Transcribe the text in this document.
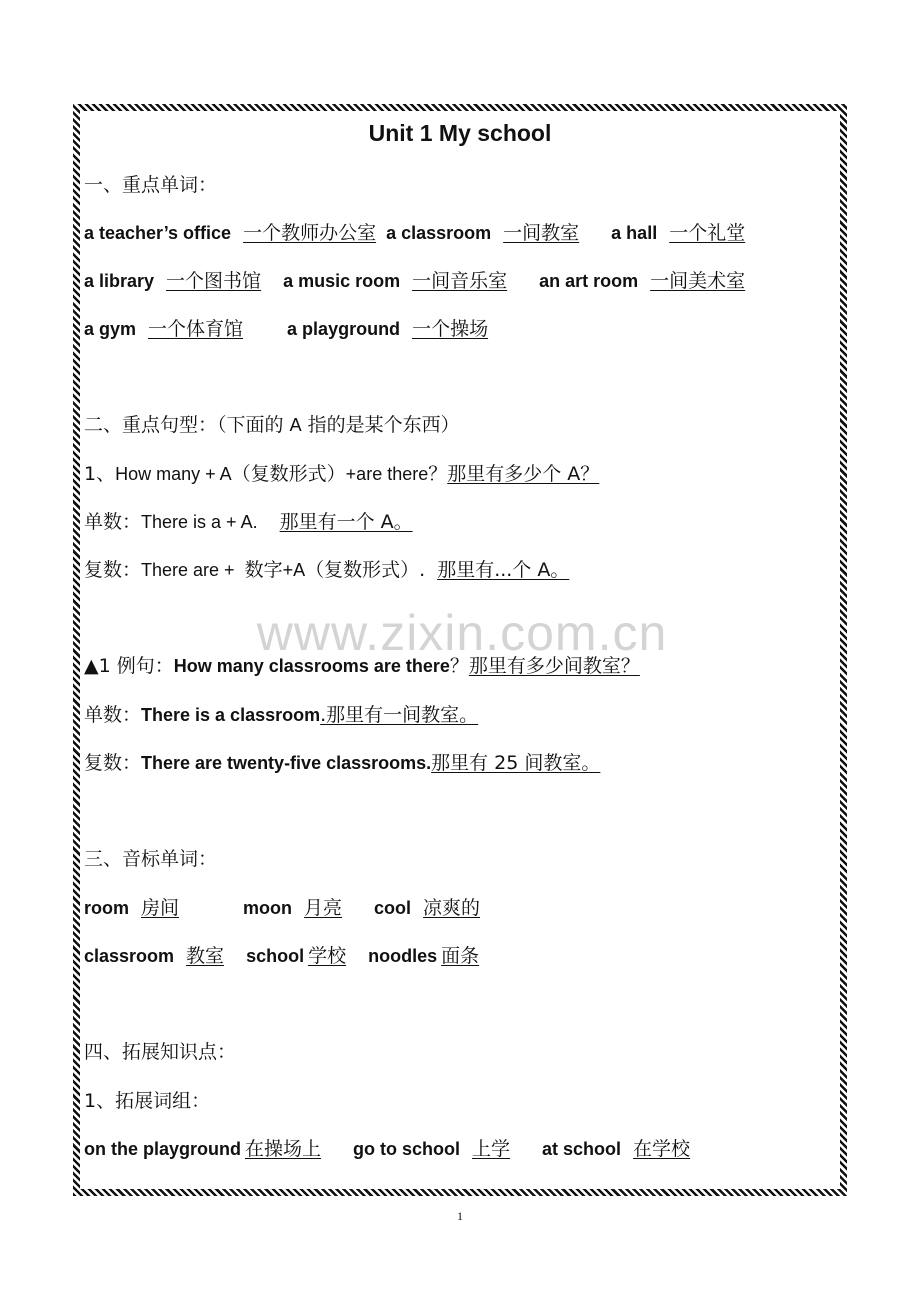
www.zixin.com.cn
Unit 1 My school
一、重点单词：
a teacher’s office 一个教师办公室 a classroom 一间教室 a hall 一个礼堂
a library 一个图书馆 a music room 一间音乐室 an art room 一间美术室
a gym 一个体育馆 a playground 一个操场
二、重点句型：（下面的 A 指的是某个东西）
1、How many + A（复数形式）+are there？那里有多少个 A？
单数：There is a + A. 那里有一个 A。
复数：There are + 数字+A（复数形式）. 那里有...个 A。
▲1 例句：How many classrooms are there？那里有多少间教室？
单数：There is a classroom.那里有一间教室。
复数：There are twenty-five classrooms.那里有 25 间教室。
三、音标单词：
room 房间	moon 月亮 cool 凉爽的
classroom 教室 school 学校 noodles 面条
四、拓展知识点：
1、拓展词组：
on the playground 在操场上 go to school 上学 at school 在学校
1
